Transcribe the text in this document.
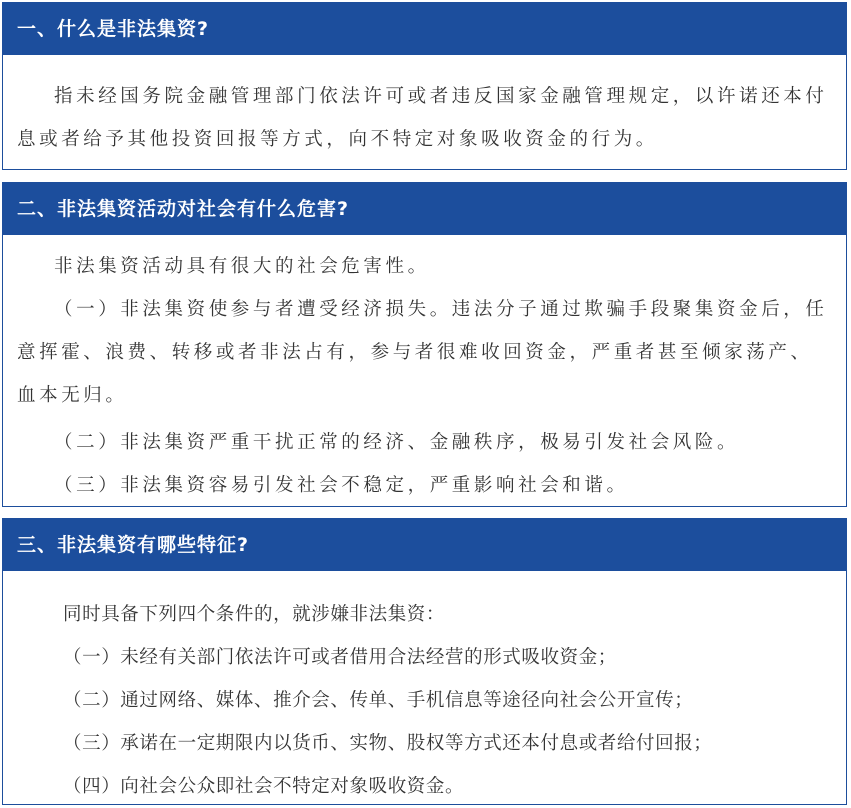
一、什么是非法集资?

指未经国务院金融管理部门依法许可或者违反国家金融管理规定，以许诺还本付息或者给予其他投资回报等方式，向不特定对象吸收资金的行为。

二、非法集资活动对社会有什么危害?

非法集资活动具有很大的社会危害性。

（一）非法集资使参与者遭受经济损失。违法分子通过欺骗手段聚集资金后，任意挥霍、浪费、转移或者非法占有，参与者很难收回资金，严重者甚至倾家荡产、血本无归。

（二）非法集资严重干扰正常的经济、金融秩序，极易引发社会风险。

（三）非法集资容易引发社会不稳定，严重影响社会和谐。

三、非法集资有哪些特征?

同时具备下列四个条件的，就涉嫌非法集资：

（一）未经有关部门依法许可或者借用合法经营的形式吸收资金；

（二）通过网络、媒体、推介会、传单、手机信息等途径向社会公开宣传；

（三）承诺在一定期限内以货币、实物、股权等方式还本付息或者给付回报；

（四）向社会公众即社会不特定对象吸收资金。
